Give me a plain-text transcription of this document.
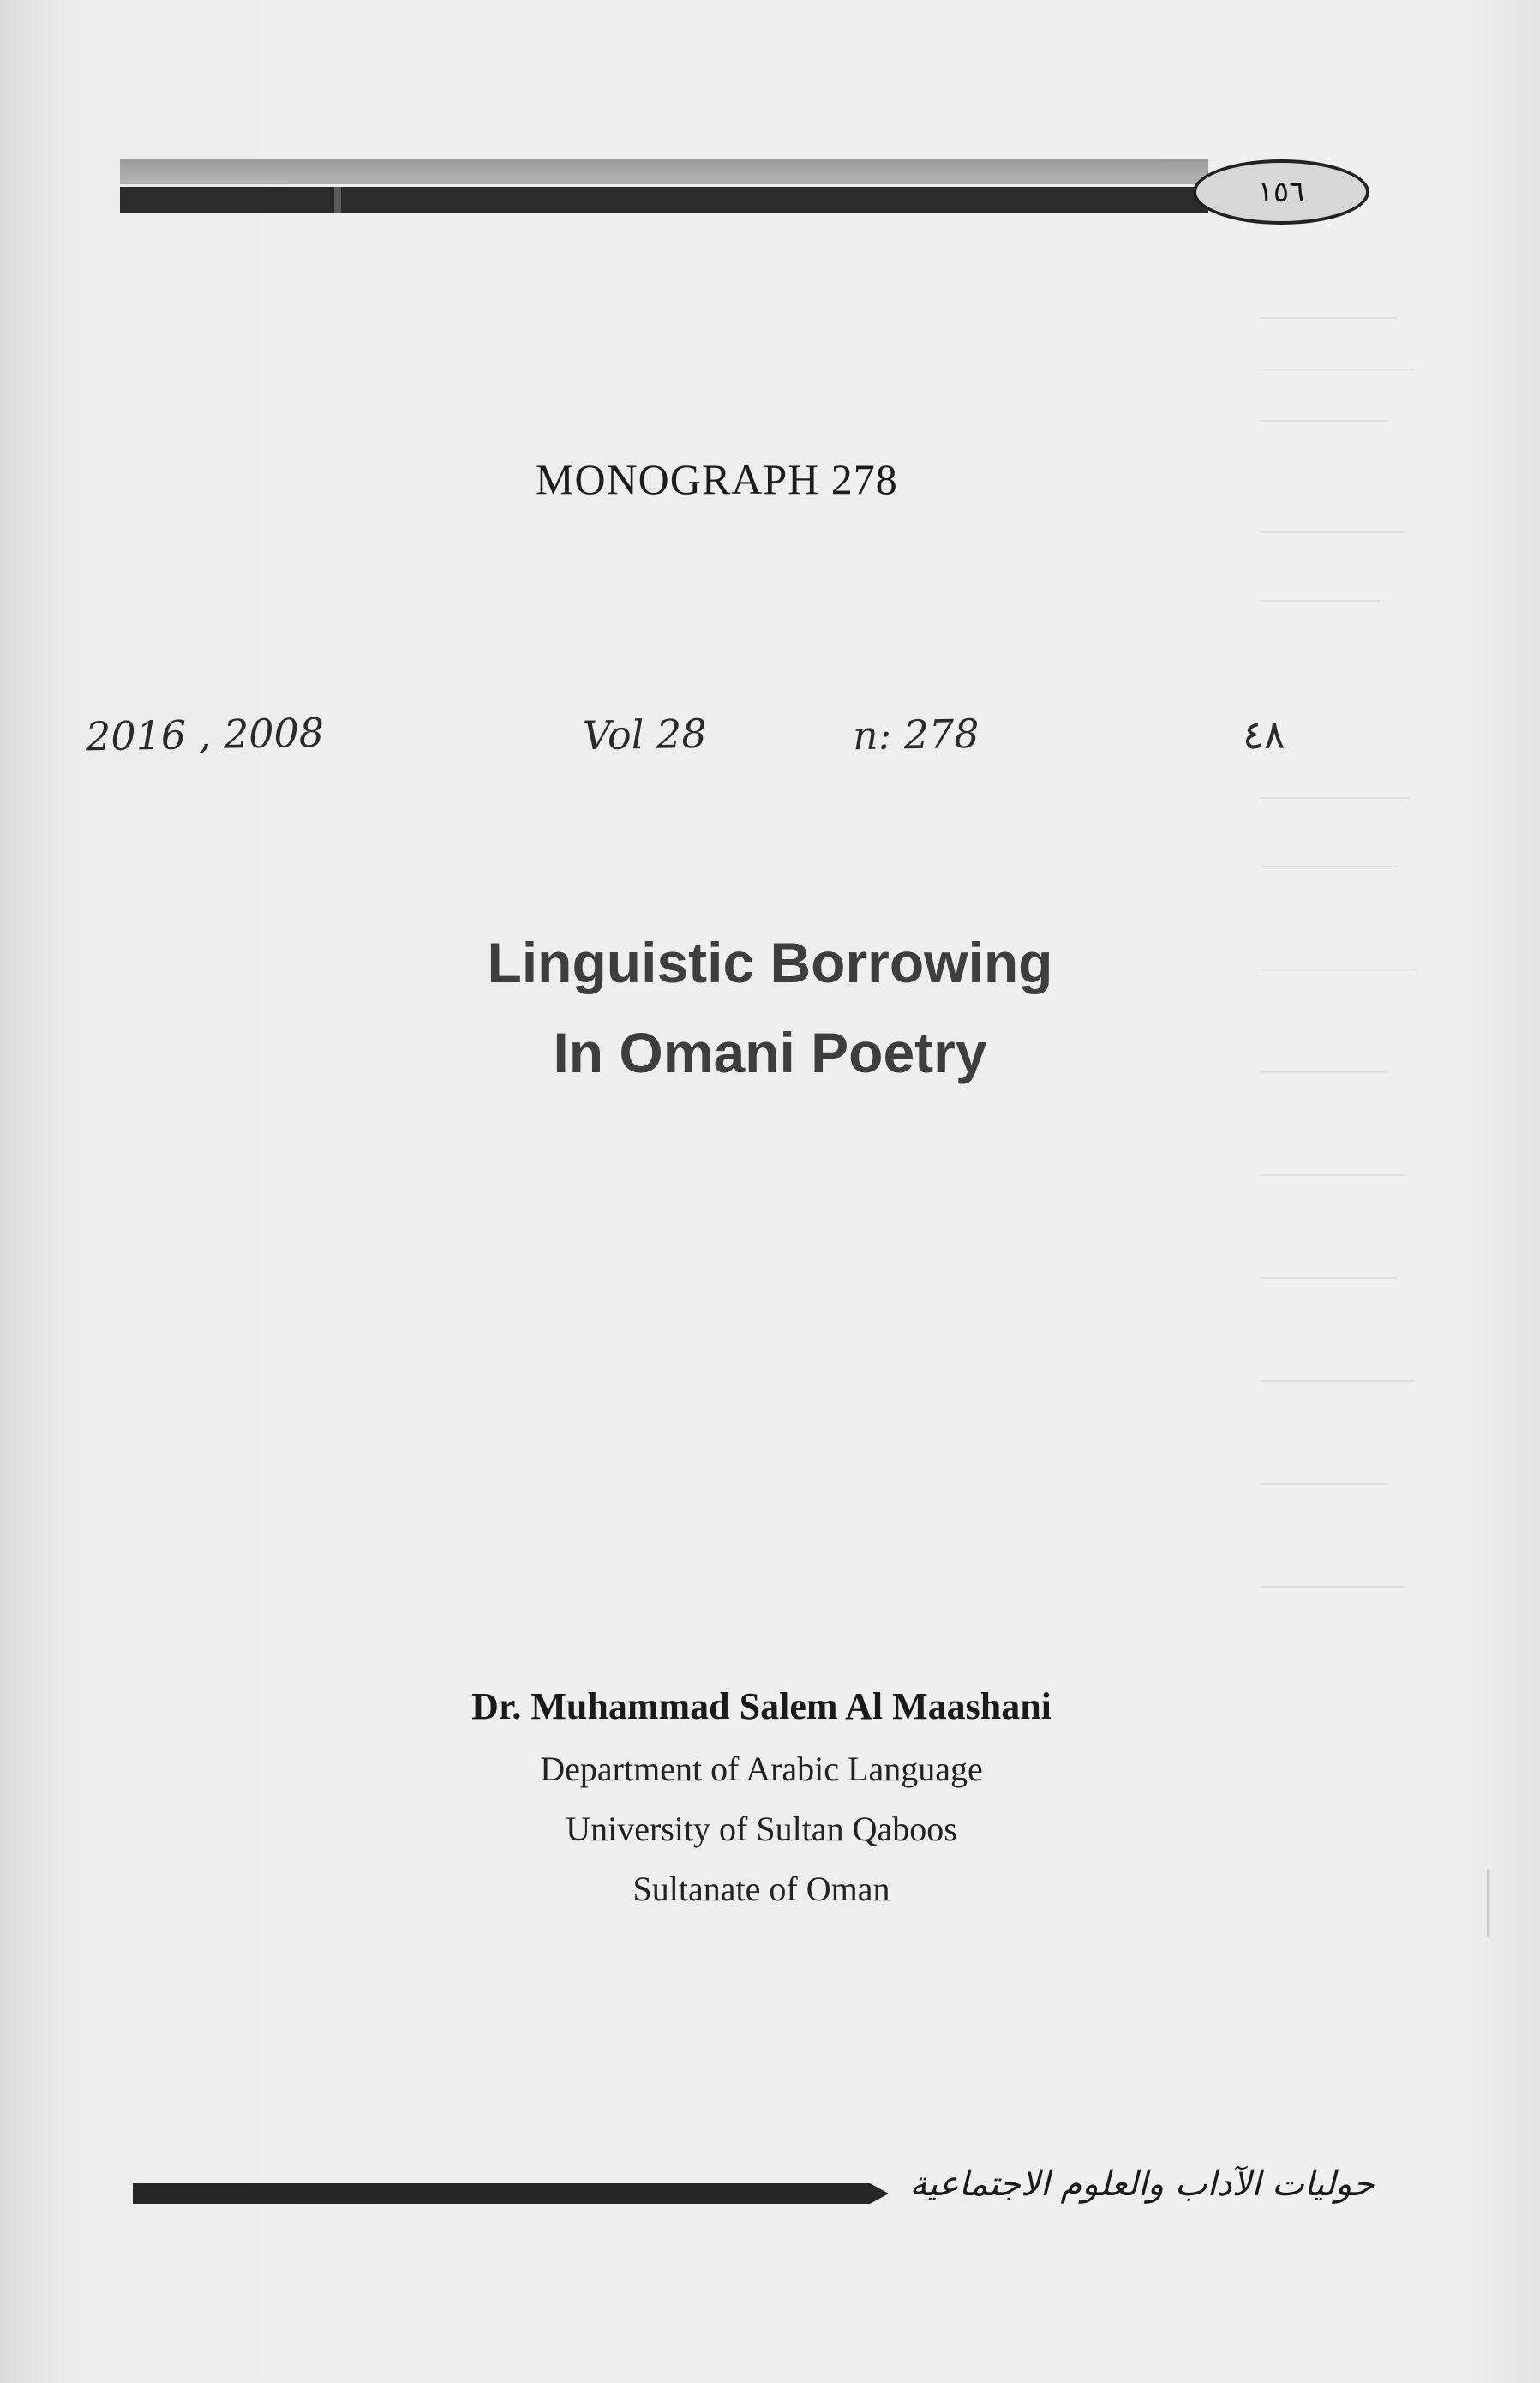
١٥٦
MONOGRAPH 278
2016 , 2008	Vol 28	n: 278	٤٨
Linguistic Borrowing
In Omani Poetry
Dr. Muhammad Salem Al Maashani
Department of Arabic Language
University of Sultan Qaboos
Sultanate of Oman
حوليات الآداب والعلوم الاجتماعية
